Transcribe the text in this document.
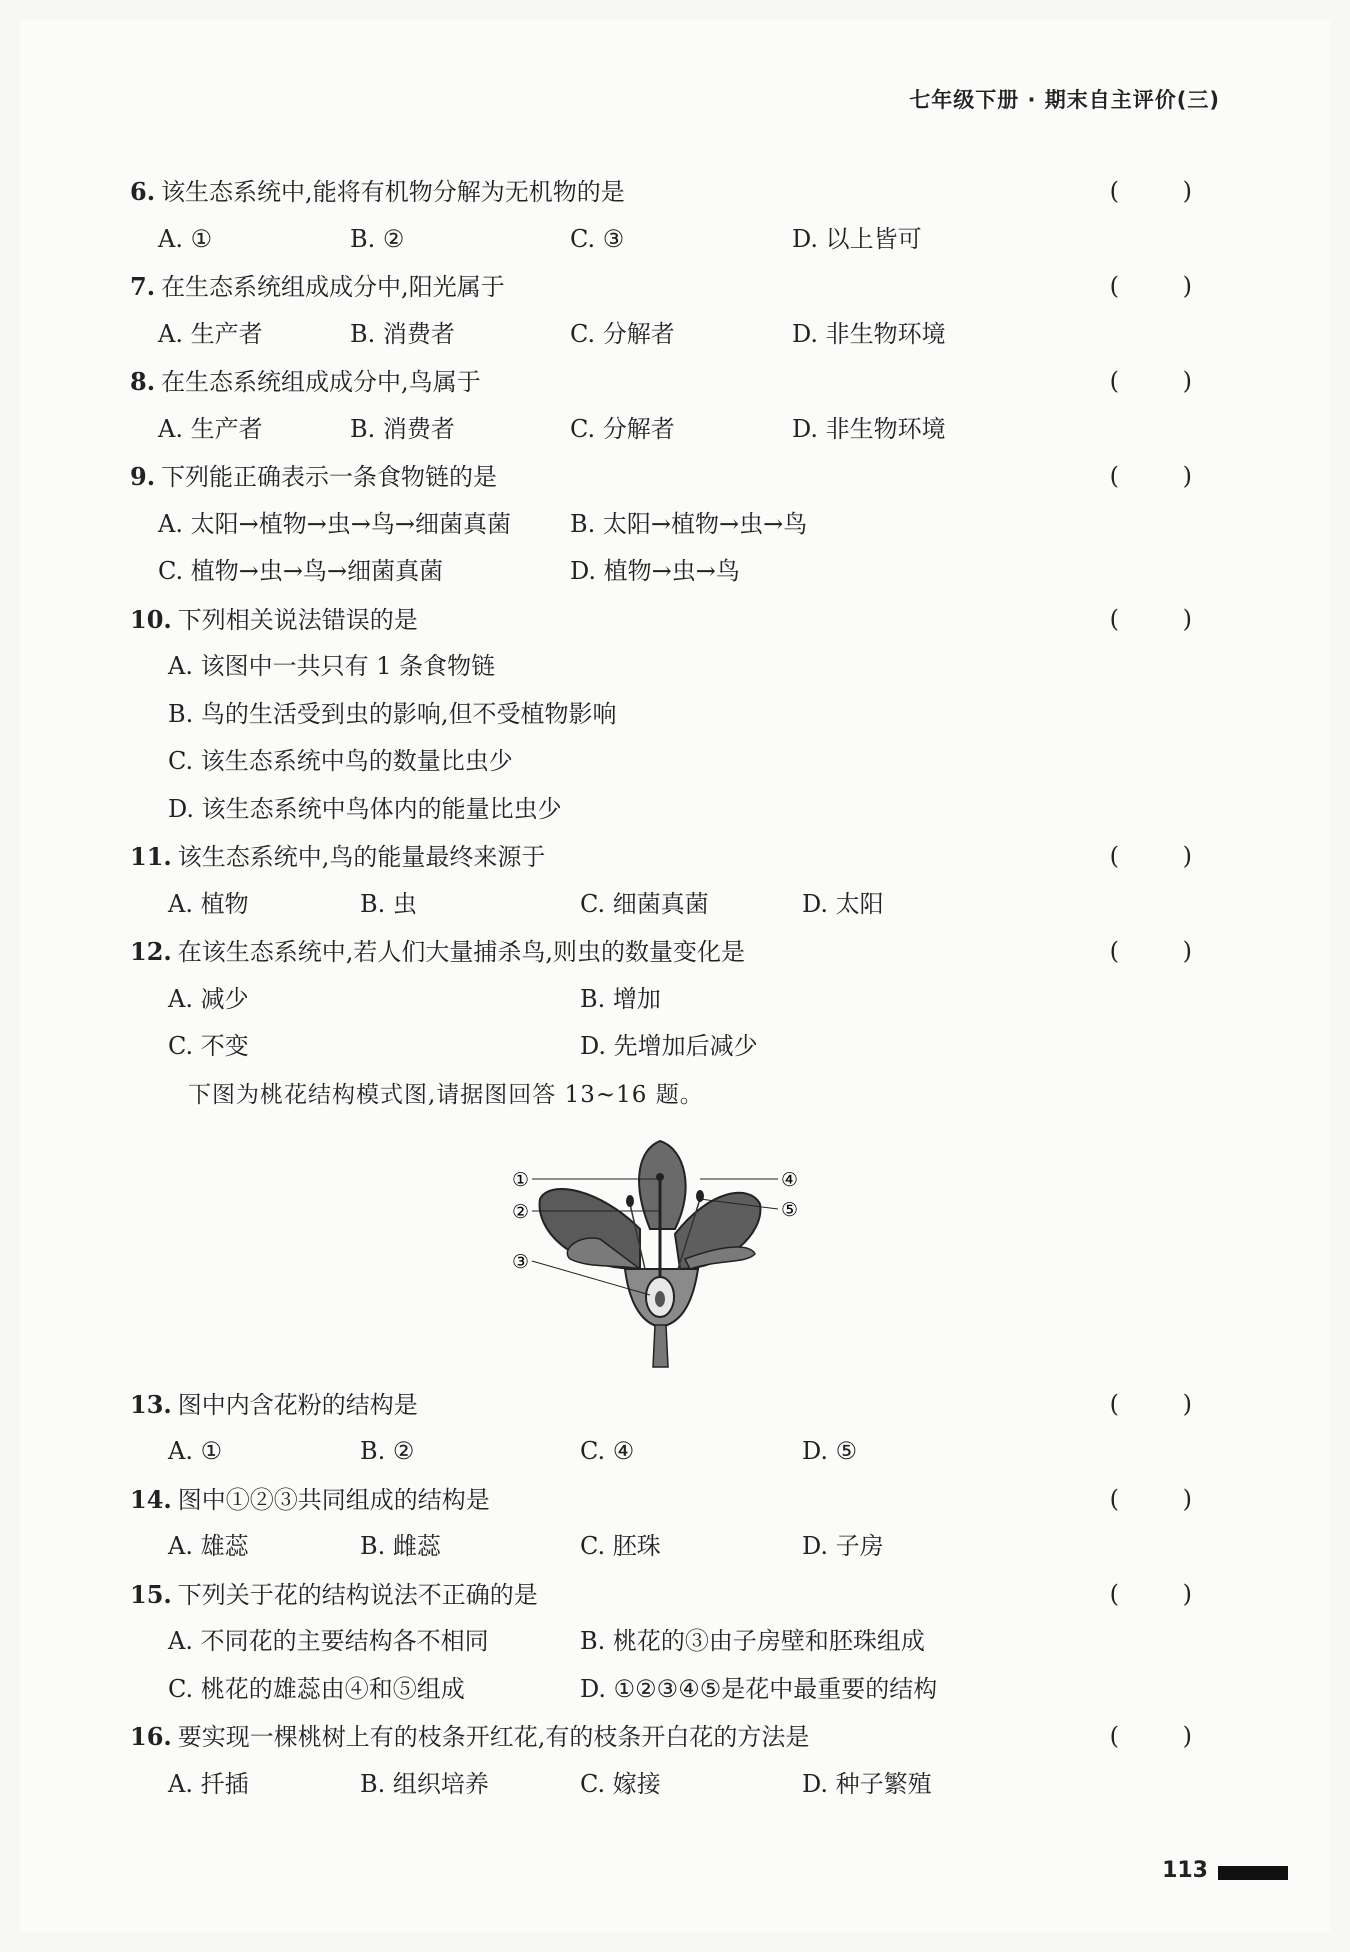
七年级下册 · 期末自主评价(三)
6. 该生态系统中,能将有机物分解为无机物的是	( )
A. ①	B. ②	C. ③	D. 以上皆可
7. 在生态系统组成成分中,阳光属于	( )
A. 生产者	B. 消费者	C. 分解者	D. 非生物环境
8. 在生态系统组成成分中,鸟属于	( )
A. 生产者	B. 消费者	C. 分解者	D. 非生物环境
9. 下列能正确表示一条食物链的是	( )
A. 太阳→植物→虫→鸟→细菌真菌 B. 太阳→植物→虫→鸟
C. 植物→虫→鸟→细菌真菌	D. 植物→虫→鸟
10. 下列相关说法错误的是	( )
A. 该图中一共只有 1 条食物链
B. 鸟的生活受到虫的影响,但不受植物影响
C. 该生态系统中鸟的数量比虫少
D. 该生态系统中鸟体内的能量比虫少
11. 该生态系统中,鸟的能量最终来源于	( )
A. 植物	B. 虫	C. 细菌真菌	D. 太阳
12. 在该生态系统中,若人们大量捕杀鸟,则虫的数量变化是	( )
A. 减少	B. 增加
C. 不变	D. 先增加后减少
下图为桃花结构模式图,请据图回答 13~16 题。
①
②
③
④
⑤
13. 图中内含花粉的结构是	( )
A. ①	B. ②	C. ④	D. ⑤
14. 图中①②③共同组成的结构是	( )
A. 雄蕊	B. 雌蕊	C. 胚珠	D. 子房
15. 下列关于花的结构说法不正确的是	( )
A. 不同花的主要结构各不相同	B. 桃花的③由子房壁和胚珠组成
C. 桃花的雄蕊由④和⑤组成	D. ①②③④⑤是花中最重要的结构
16. 要实现一棵桃树上有的枝条开红花,有的枝条开白花的方法是	( )
A. 扦插	B. 组织培养	C. 嫁接	D. 种子繁殖
113
